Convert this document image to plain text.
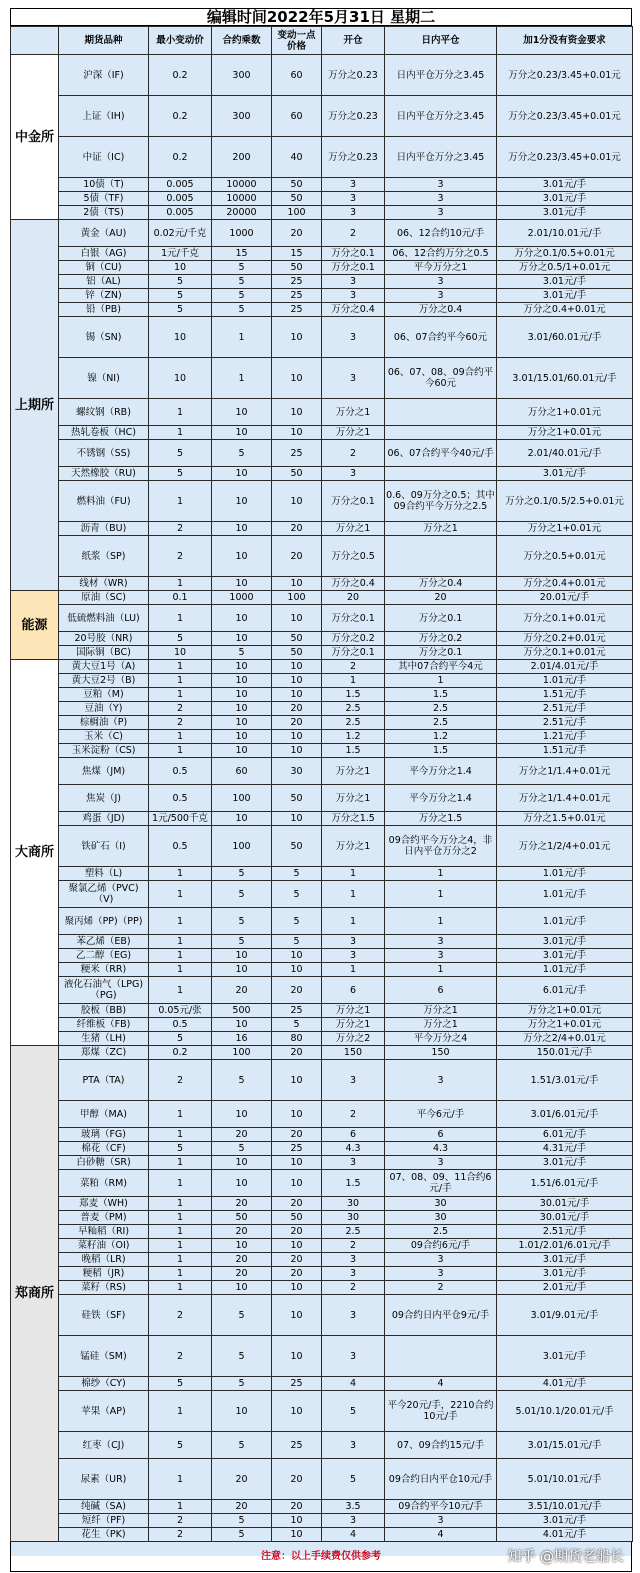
编辑时间2022年5月31日 星期二
	期货品种	最小变动价	合约乘数	变动一点价格	开仓	日内平仓	加1分没有资金要求
中金所	沪深（IF)	0.2	300	60	万分之0.23	日内平仓万分之3.45	万分之0.23/3.45+0.01元
	上证（IH)	0.2	300	60	万分之0.23	日内平仓万分之3.45	万分之0.23/3.45+0.01元
	中证（IC)	0.2	200	40	万分之0.23	日内平仓万分之3.45	万分之0.23/3.45+0.01元
	10债（T)	0.005	10000	50	3	3	3.01元/手
	5债（TF)	0.005	10000	50	3	3	3.01元/手
	2债（TS)	0.005	20000	100	3	3	3.01元/手
上期所	黄金（AU)	0.02元/千克	1000	20	2	06、12合约10元/手	2.01/10.01元/手
	白银（AG)	1元/千克	15	15	万分之0.1	06、12合约万分之0.5	万分之0.1/0.5+0.01元
	铜（CU)	10	5	50	万分之0.1	平今万分之1	万分之0.5/1+0.01元
	铝（AL)	5	5	25	3	3	3.01元/手
	锌（ZN)	5	5	25	3	3	3.01元/手
	铅（PB)	5	5	25	万分之0.4	万分之0.4	万分之0.4+0.01元
	锡（SN)	10	1	10	3	06、07合约平今60元	3.01/60.01元/手
	镍（NI)	10	1	10	3	06、07、08、09合约平今60元	3.01/15.01/60.01元/手
	螺纹钢（RB)	1	10	10	万分之1		万分之1+0.01元
	热轧卷板（HC)	1	10	10	万分之1		万分之1+0.01元
	不锈钢（SS)	5	5	25	2	06、07合约平今40元/手	2.01/40.01元/手
	天然橡胶（RU)	5	10	50	3		3.01元/手
	燃料油（FU)	1	10	10	万分之0.1	0.6、09万分之0.5；其中09合约平今万分之2.5	万分之0.1/0.5/2.5+0.01元
	沥青（BU)	2	10	20	万分之1	万分之1	万分之1+0.01元
	纸浆（SP)	2	10	20	万分之0.5		万分之0.5+0.01元
	线材（WR)	1	10	10	万分之0.4	万分之0.4	万分之0.4+0.01元
能源	原油（SC)	0.1	1000	100	20	20	20.01元/手
	低硫燃料油（LU)	1	10	10	万分之0.1	万分之0.1	万分之0.1+0.01元
	20号胶（NR)	5	10	50	万分之0.2	万分之0.2	万分之0.2+0.01元
	国际铜（BC)	10	5	50	万分之0.1	万分之0.1	万分之0.1+0.01元
大商所	黄大豆1号（A)	1	10	10	2	其中07合约平今4元	2.01/4.01元/手
	黄大豆2号（B)	1	10	10	1	1	1.01元/手
	豆粕（M)	1	10	10	1.5	1.5	1.51元/手
	豆油（Y)	2	10	20	2.5	2.5	2.51元/手
	棕榈油（P)	2	10	20	2.5	2.5	2.51元/手
	玉米（C)	1	10	10	1.2	1.2	1.21元/手
	玉米淀粉（CS)	1	10	10	1.5	1.5	1.51元/手
	焦煤（JM)	0.5	60	30	万分之1	平今万分之1.4	万分之1/1.4+0.01元
	焦炭（J)	0.5	100	50	万分之1	平今万分之1.4	万分之1/1.4+0.01元
	鸡蛋（JD)	1元/500千克	10	10	万分之1.5	万分之1.5	万分之1.5+0.01元
	铁矿石（I)	0.5	100	50	万分之1	09合约平今万分之4，非日内平仓万分之2	万分之1/2/4+0.01元
	塑料（L)	1	5	5	1	1	1.01元/手
	聚氯乙烯（PVC)（V)	1	5	5	1	1	1.01元/手
	聚丙烯（PP)（PP)	1	5	5	1	1	1.01元/手
	苯乙烯（EB)	1	5	5	3	3	3.01元/手
	乙二醇（EG)	1	10	10	3	3	3.01元/手
	粳米（RR)	1	10	10	1	1	1.01元/手
	液化石油气（LPG)（PG)	1	20	20	6	6	6.01元/手
	胶板（BB)	0.05元/张	500	25	万分之1	万分之1	万分之1+0.01元
	纤维板（FB)	0.5	10	5	万分之1	万分之1	万分之1+0.01元
	生猪（LH)	5	16	80	万分之2	平今万分之4	万分之2/4+0.01元
郑商所	郑煤（ZC)	0.2	100	20	150	150	150.01元/手
	PTA（TA)	2	5	10	3	3	1.51/3.01元/手
	甲醇（MA)	1	10	10	2	平今6元/手	3.01/6.01元/手
	玻璃（FG)	1	20	20	6	6	6.01元/手
	棉花（CF)	5	5	25	4.3	4.3	4.31元/手
	白砂糖（SR)	1	10	10	3	3	3.01元/手
	菜粕（RM)	1	10	10	1.5	07、08、09、11合约6元/手	1.51/6.01元/手
	郑麦（WH)	1	20	20	30	30	30.01元/手
	普麦（PM)	1	50	50	30	30	30.01元/手
	早籼稻（RI)	1	20	20	2.5	2.5	2.51元/手
	菜籽油（OI)	1	10	10	2	09合约6元/手	1.01/2.01/6.01元/手
	晚稻（LR)	1	20	20	3	3	3.01元/手
	粳稻（JR)	1	20	20	3	3	3.01元/手
	菜籽（RS)	1	10	10	2	2	2.01元/手
	硅铁（SF)	2	5	10	3	09合约日内平仓9元/手	3.01/9.01元/手
	锰硅（SM)	2	5	10	3		3.01元/手
	棉纱（CY)	5	5	25	4	4	4.01元/手
	苹果（AP)	1	10	10	5	平今20元/手，2210合约10元/手	5.01/10.1/20.01元/手
	红枣（CJ)	5	5	25	3	07、09合约15元/手	3.01/15.01元/手
	尿素（UR)	1	20	20	5	09合约日内平仓10元/手	5.01/10.01元/手
	纯碱（SA)	1	20	20	3.5	09合约平今10元/手	3.51/10.01元/手
	短纤（PF)	2	5	10	3	3	3.01元/手
	花生（PK)	2	5	10	4	4	4.01元/手
注意：以上手续费仅供参考	知乎 @期货老船长
